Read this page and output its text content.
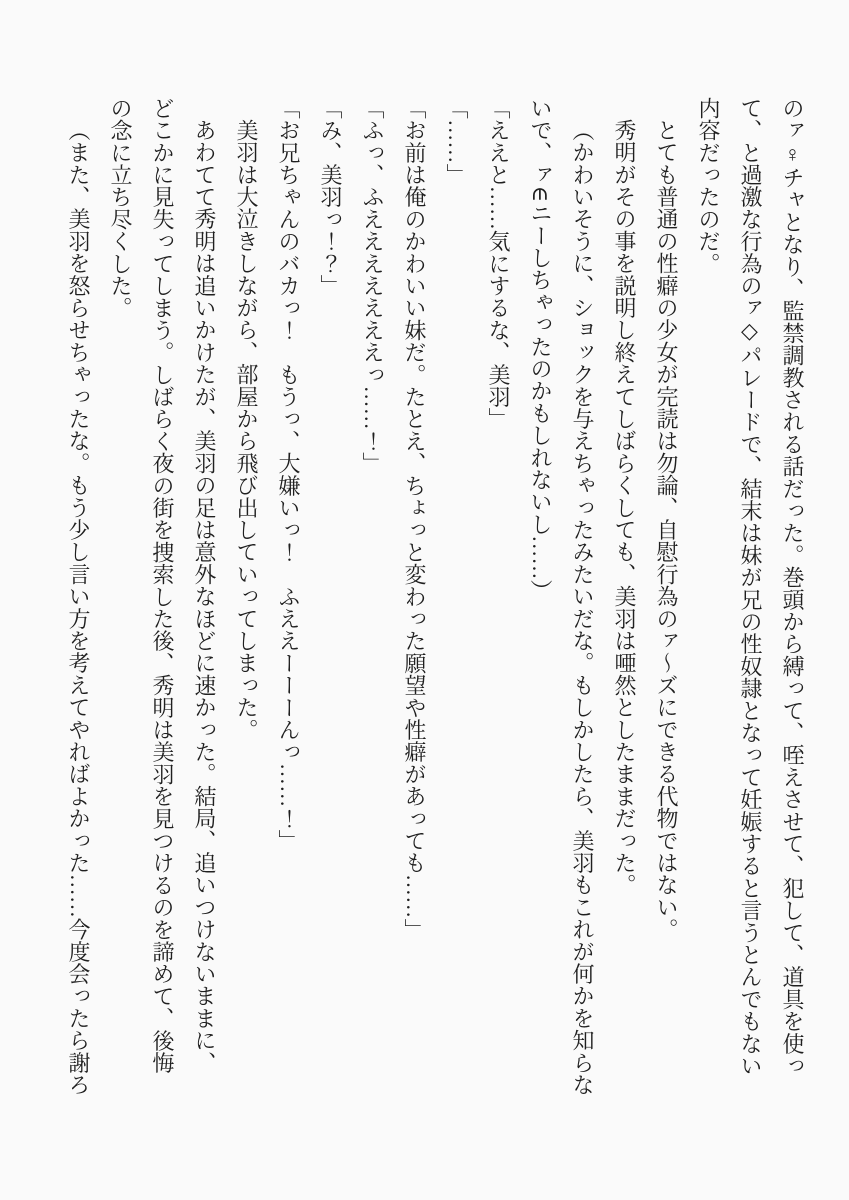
のァ♀チャとなり、監禁調教される話だった。巻頭から縛って、咥えさせて、犯して、道具を使っ

て、と過激な行為のァ◇パレードで、結末は妹が兄の性奴隷となって妊娠すると言うとんでもない

内容だったのだ。

とても普通の性癖の少女が完読は勿論、自慰行為のァ～ズにできる代物ではない。

秀明がその事を説明し終えてしばらくしても、美羽は唖然としたままだった。

（かわいそうに、ショックを与えちゃったみたいだな。もしかしたら、美羽もこれが何かを知らな

いで、ァ∈ニーしちゃったのかもしれないし……）

「ええと……気にするな、美羽」

「……」

「お前は俺のかわいい妹だ。たとえ、ちょっと変わった願望や性癖があっても……」

「ふっ、ふえええええええっ……！」

「み、美羽っ！？」

「お兄ちゃんのバカっ！　もうっ、大嫌いっ！　ふええーーーんっ……！」

美羽は大泣きしながら、部屋から飛び出していってしまった。

あわてて秀明は追いかけたが、美羽の足は意外なほどに速かった。結局、追いつけないままに、

どこかに見失ってしまう。しばらく夜の街を捜索した後、秀明は美羽を見つけるのを諦めて、後悔

の念に立ち尽くした。

（また、美羽を怒らせちゃったな。もう少し言い方を考えてやればよかった……今度会ったら謝ろ
